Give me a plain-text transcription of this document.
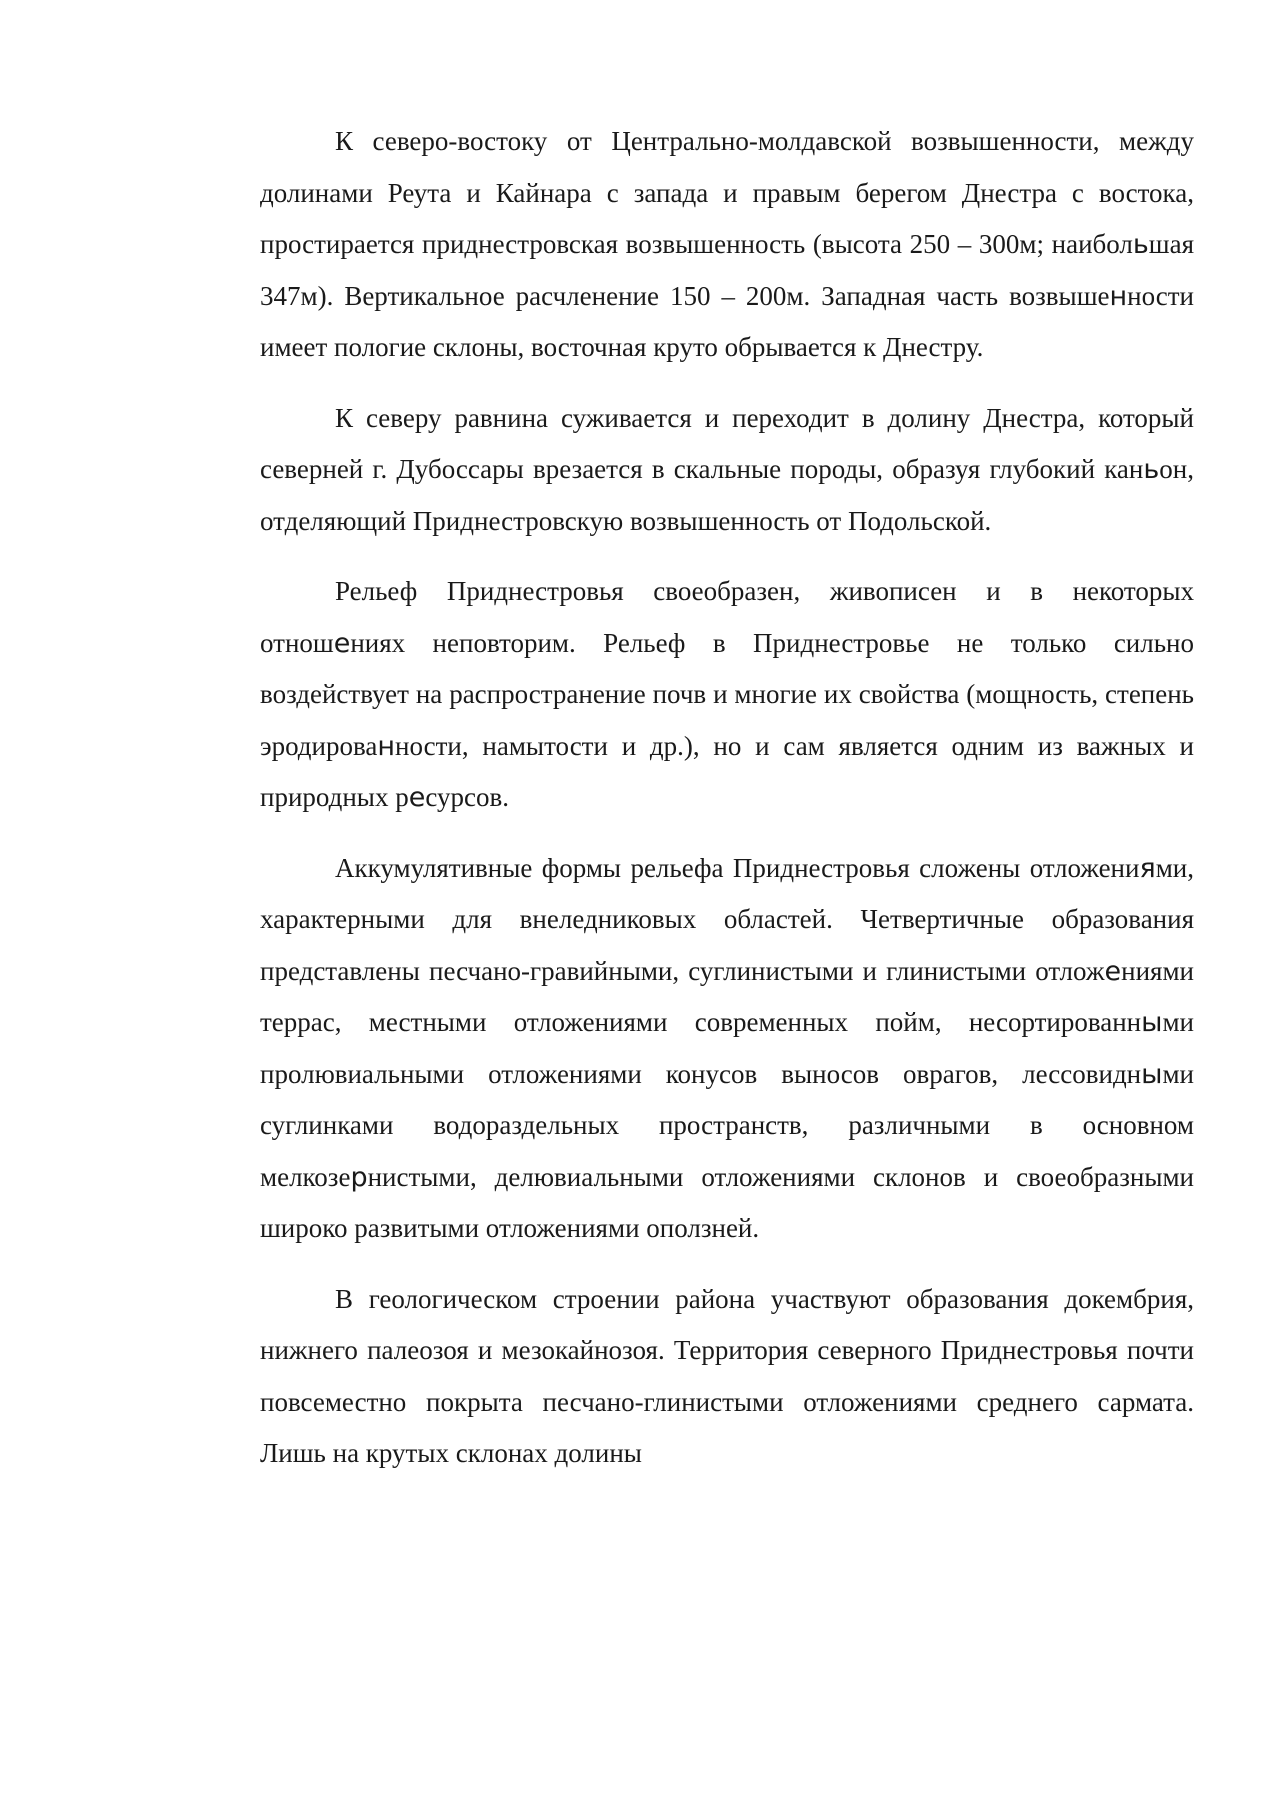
К северо-востоку от Центрально-молдавской возвышенности, между долинами Реута и Кайнара с запада и правым берегом Днестра с востока, простирается приднестровская возвышенность (высота 250 – 300м; наибольшая 347м). Вертикальное расчленение 150 – 200м. Западная часть возвышенности имеет пологие склоны, восточная круто обрывается к Днестру.

К северу равнина суживается и переходит в долину Днестра, который северней г. Дубоссары врезается в скальные породы, образуя глубокий каньон, отделяющий Приднестровскую возвышенность от Подольской.

Рельеф Приднестровья своеобразен, живописен и в некоторых отношениях неповторим. Рельеф в Приднестровье не только сильно воздействует на распространение почв и многие их свойства (мощность, степень эродированности, намытости и др.), но и сам является одним из важных и природных ресурсов.

Аккумулятивные формы рельефа Приднестровья сложены отложениями, характерными для внеледниковых областей. Четвертичные образования представлены песчано-гравийными, суглинистыми и глинистыми отложениями террас, местными отложениями современных пойм, несортированными пролювиальными отложениями конусов выносов оврагов, лессовидными суглинками водораздельных пространств, различными в основном мелкозернистыми, делювиальными отложениями склонов и своеобразными широко развитыми отложениями оползней.

В геологическом строении района участвуют образования докембрия, нижнего палеозоя и мезокайнозоя. Территория северного Приднестровья почти повсеместно покрыта песчано-глинистыми отложениями среднего сармата. Лишь на крутых склонах долины
